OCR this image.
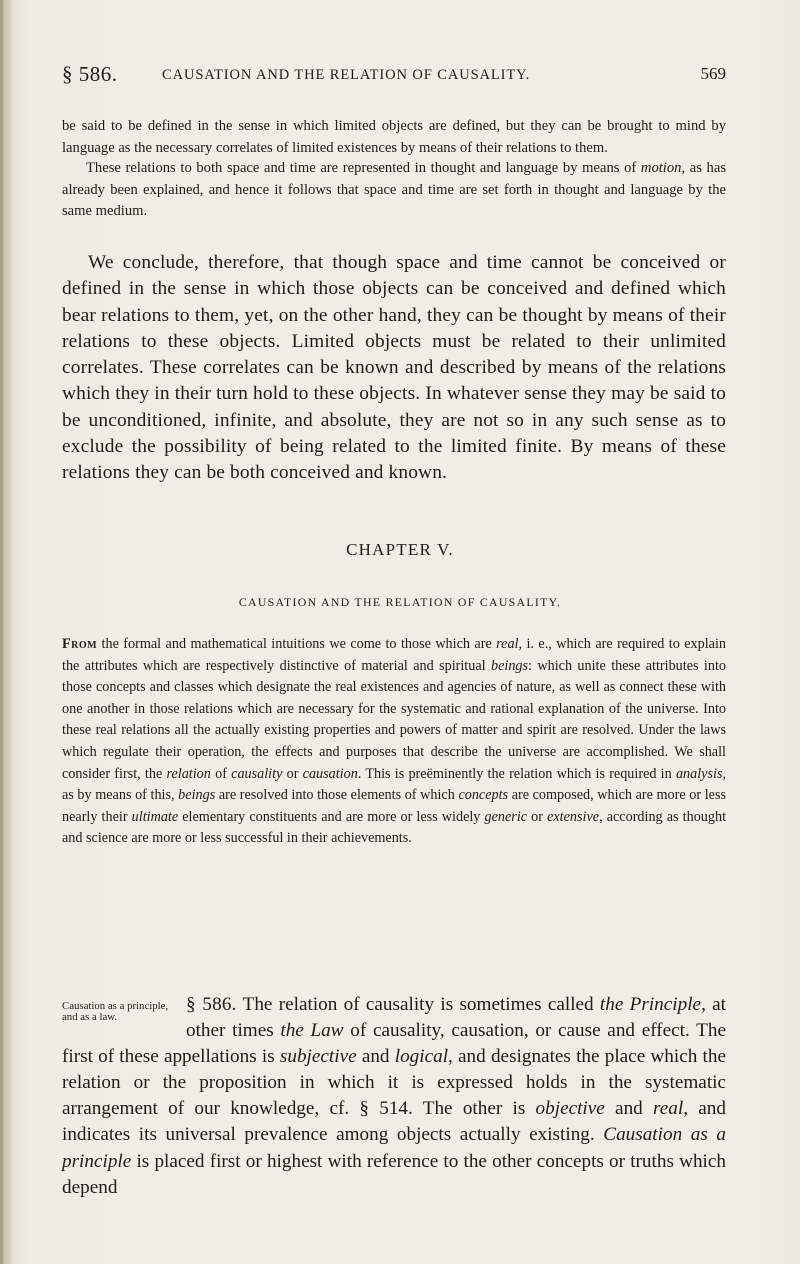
§ 586.	CAUSATION AND THE RELATION OF CAUSALITY.	569

be said to be defined in the sense in which limited objects are defined, but they can be brought to mind by language as the necessary correlates of limited existences by means of their relations to them.

These relations to both space and time are represented in thought and language by means of motion, as has already been explained, and hence it follows that space and time are set forth in thought and language by the same medium.

We conclude, therefore, that though space and time cannot be conceived or defined in the sense in which those objects can be conceived and defined which bear relations to them, yet, on the other hand, they can be thought by means of their relations to these objects. Limited objects must be related to their unlimited correlates. These correlates can be known and described by means of the relations which they in their turn hold to these objects. In whatever sense they may be said to be unconditioned, infinite, and absolute, they are not so in any such sense as to exclude the possibility of being related to the limited finite. By means of these relations they can be both conceived and known.

CHAPTER V.
CAUSATION AND THE RELATION OF CAUSALITY.

From the formal and mathematical intuitions we come to those which are real, i. e., which are required to explain the attributes which are respectively distinctive of material and spiritual beings: which unite these attributes into those concepts and classes which designate the real existences and agencies of nature, as well as connect these with one another in those relations which are necessary for the systematic and rational explanation of the universe. Into these real relations all the actually existing properties and powers of matter and spirit are resolved. Under the laws which regulate their operation, the effects and purposes that describe the universe are accomplished. We shall consider first, the relation of causality or causation. This is preëminently the relation which is required in analysis, as by means of this, beings are resolved into those elements of which concepts are composed, which are more or less nearly their ultimate elementary constituents and are more or less widely generic or extensive, according as thought and science are more or less successful in their achievements.

Causation as a principle, and as a law.

§ 586. The relation of causality is sometimes called the Principle, at other times the Law of causality, causation, or cause and effect. The first of these appellations is subjective and logical, and designates the place which the relation or the proposition in which it is expressed holds in the systematic arrangement of our knowledge, cf. § 514. The other is objective and real, and indicates its universal prevalence among objects actually existing. Causation as a principle is placed first or highest with reference to the other concepts or truths which depend
